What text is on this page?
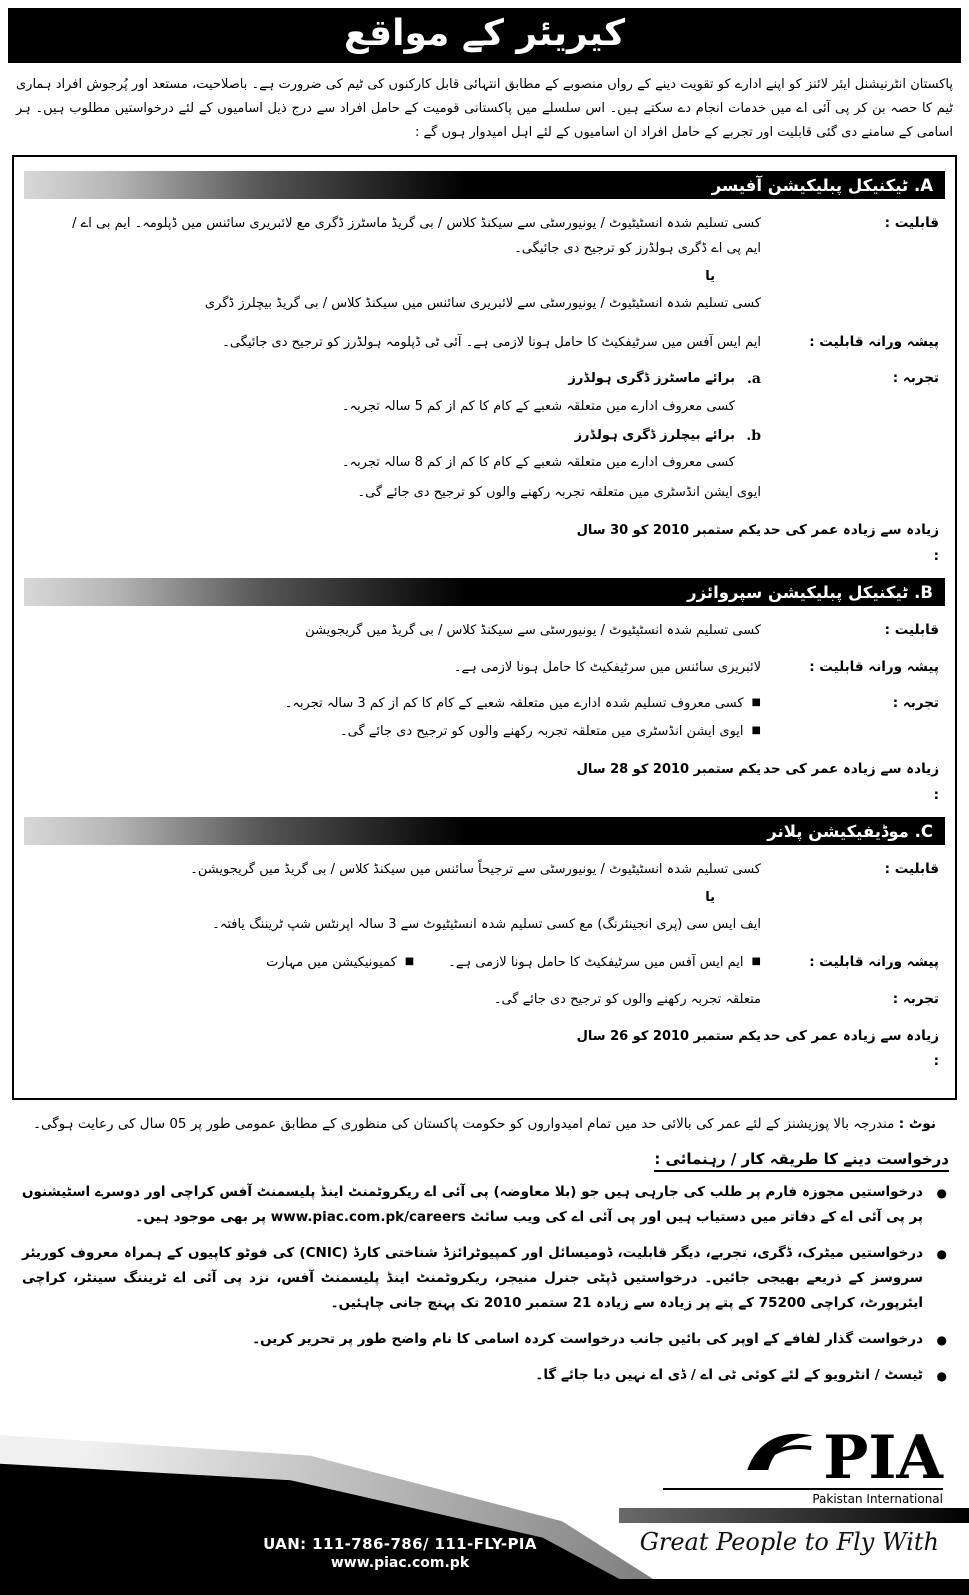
کیریئر کے مواقع
پاکستان انٹرنیشنل ایئر لائنز کو اپنے ادارے کو تقویت دینے کے رواں منصوبے کے مطابق انتہائی قابل کارکنوں کی ٹیم کی ضرورت ہے۔ باصلاحیت، مستعد اور پُرجوش افراد ہماری ٹیم کا حصہ بن کر پی آئی اے میں خدمات انجام دے سکتے ہیں۔ اس سلسلے میں پاکستانی قومیت کے حامل افراد سے درج ذیل اسامیوں کے لئے درخواستیں مطلوب ہیں۔ ہر اسامی کے سامنے دی گئی قابلیت اور تجربے کے حامل افراد ان اسامیوں کے لئے اہل امیدوار ہوں گے :
A. ٹیکنیکل پبلیکیشن آفیسر
قابلیت :

کسی تسلیم شدہ انسٹیٹیوٹ / یونیورسٹی سے سیکنڈ کلاس / بی گریڈ ماسٹرز ڈگری مع لائبریری سائنس میں ڈپلومہ۔ ایم بی اے / ایم پی اے ڈگری ہولڈرز کو ترجیح دی جائیگی۔

یا

کسی تسلیم شدہ انسٹیٹیوٹ / یونیورسٹی سے لائبریری سائنس میں سیکنڈ کلاس / بی گریڈ بیچلرز ڈگری

پیشہ ورانہ قابلیت :
ایم ایس آفس میں سرٹیفکیٹ کا حامل ہونا لازمی ہے۔ آئی ٹی ڈپلومہ ہولڈرز کو ترجیح دی جائیگی۔
تجربہ :
a.

برائے ماسٹرز ڈگری ہولڈرز

کسی معروف ادارے میں متعلقہ شعبے کے کام کا کم از کم 5 سالہ تجربہ۔

b.

برائے بیچلرز ڈگری ہولڈرز

کسی معروف ادارے میں متعلقہ شعبے کے کام کا کم از کم 8 سالہ تجربہ۔

ایوی ایشن انڈسٹری میں متعلقہ تجربہ رکھنے والوں کو ترجیح دی جائے گی۔

زیادہ سے زیادہ عمر کی حد :
یکم ستمبر 2010 کو 30 سال
B. ٹیکنیکل پبلیکیشن سپروائزر
قابلیت :
کسی تسلیم شدہ انسٹیٹیوٹ / یونیورسٹی سے سیکنڈ کلاس / بی گریڈ میں گریجویشن
پیشہ ورانہ قابلیت :
لائبریری سائنس میں سرٹیفکیٹ کا حامل ہونا لازمی ہے۔
تجربہ :

■کسی معروف تسلیم شدہ ادارے میں متعلقہ شعبے کے کام کا کم از کم 3 سالہ تجربہ۔

■ایوی ایشن انڈسٹری میں متعلقہ تجربہ رکھنے والوں کو ترجیح دی جائے گی۔

زیادہ سے زیادہ عمر کی حد :
یکم ستمبر 2010 کو 28 سال
C. موڈیفیکیشن پلانر
قابلیت :

کسی تسلیم شدہ انسٹیٹیوٹ / یونیورسٹی سے ترجیحاً سائنس میں سیکنڈ کلاس / بی گریڈ میں گریجویشن۔

یا

ایف ایس سی (پری انجینئرنگ) مع کسی تسلیم شدہ انسٹیٹیوٹ سے 3 سالہ اپرنٹس شپ ٹریننگ یافتہ۔

پیشہ ورانہ قابلیت :
■ایم ایس آفس میں سرٹیفکیٹ کا حامل ہونا لازمی ہے۔■کمیونیکیشن میں مہارت
تجربہ :
متعلقہ تجربہ رکھنے والوں کو ترجیح دی جائے گی۔
زیادہ سے زیادہ عمر کی حد :
یکم ستمبر 2010 کو 26 سال
نوٹ : مندرجہ بالا پوزیشنز کے لئے عمر کی بالائی حد میں تمام امیدواروں کو حکومت پاکستان کی منظوری کے مطابق عمومی طور پر 05 سال کی رعایت ہوگی۔
درخواست دینے کا طریقہ کار / رہنمائی :
●
درخواستیں مجوزہ فارم پر طلب کی جارہی ہیں جو (بلا معاوضہ) پی آئی اے ریکروٹمنٹ اینڈ پلیسمنٹ آفس کراچی اور دوسرے اسٹیشنوں پر پی آئی اے کے دفاتر میں دستیاب ہیں اور پی آئی اے کی ویب سائٹ www.piac.com.pk/careers پر بھی موجود ہیں۔
●
درخواستیں میٹرک، ڈگری، تجربے، دیگر قابلیت، ڈومیسائل اور کمپیوٹرائزڈ شناختی کارڈ (CNIC) کی فوٹو کاپیوں کے ہمراہ معروف کوریئر سروسز کے ذریعے بھیجی جائیں۔ درخواستیں ڈپٹی جنرل منیجر، ریکروٹمنٹ اینڈ پلیسمنٹ آفس، نزد پی آئی اے ٹریننگ سینٹر، کراچی ایئرپورٹ، کراچی 75200 کے پتے پر زیادہ سے زیادہ 21 ستمبر 2010 تک پہنچ جانی چاہئیں۔
●
درخواست گذار لفافے کے اوپر کی بائیں جانب درخواست کردہ اسامی کا نام واضح طور پر تحریر کریں۔
●
ٹیسٹ / انٹرویو کے لئے کوئی ٹی اے / ڈی اے نہیں دیا جائے گا۔
UAN: 111-786-786/ 111-FLY-PIA
www.piac.com.pk
PIA
Pakistan International
Great People to Fly With
